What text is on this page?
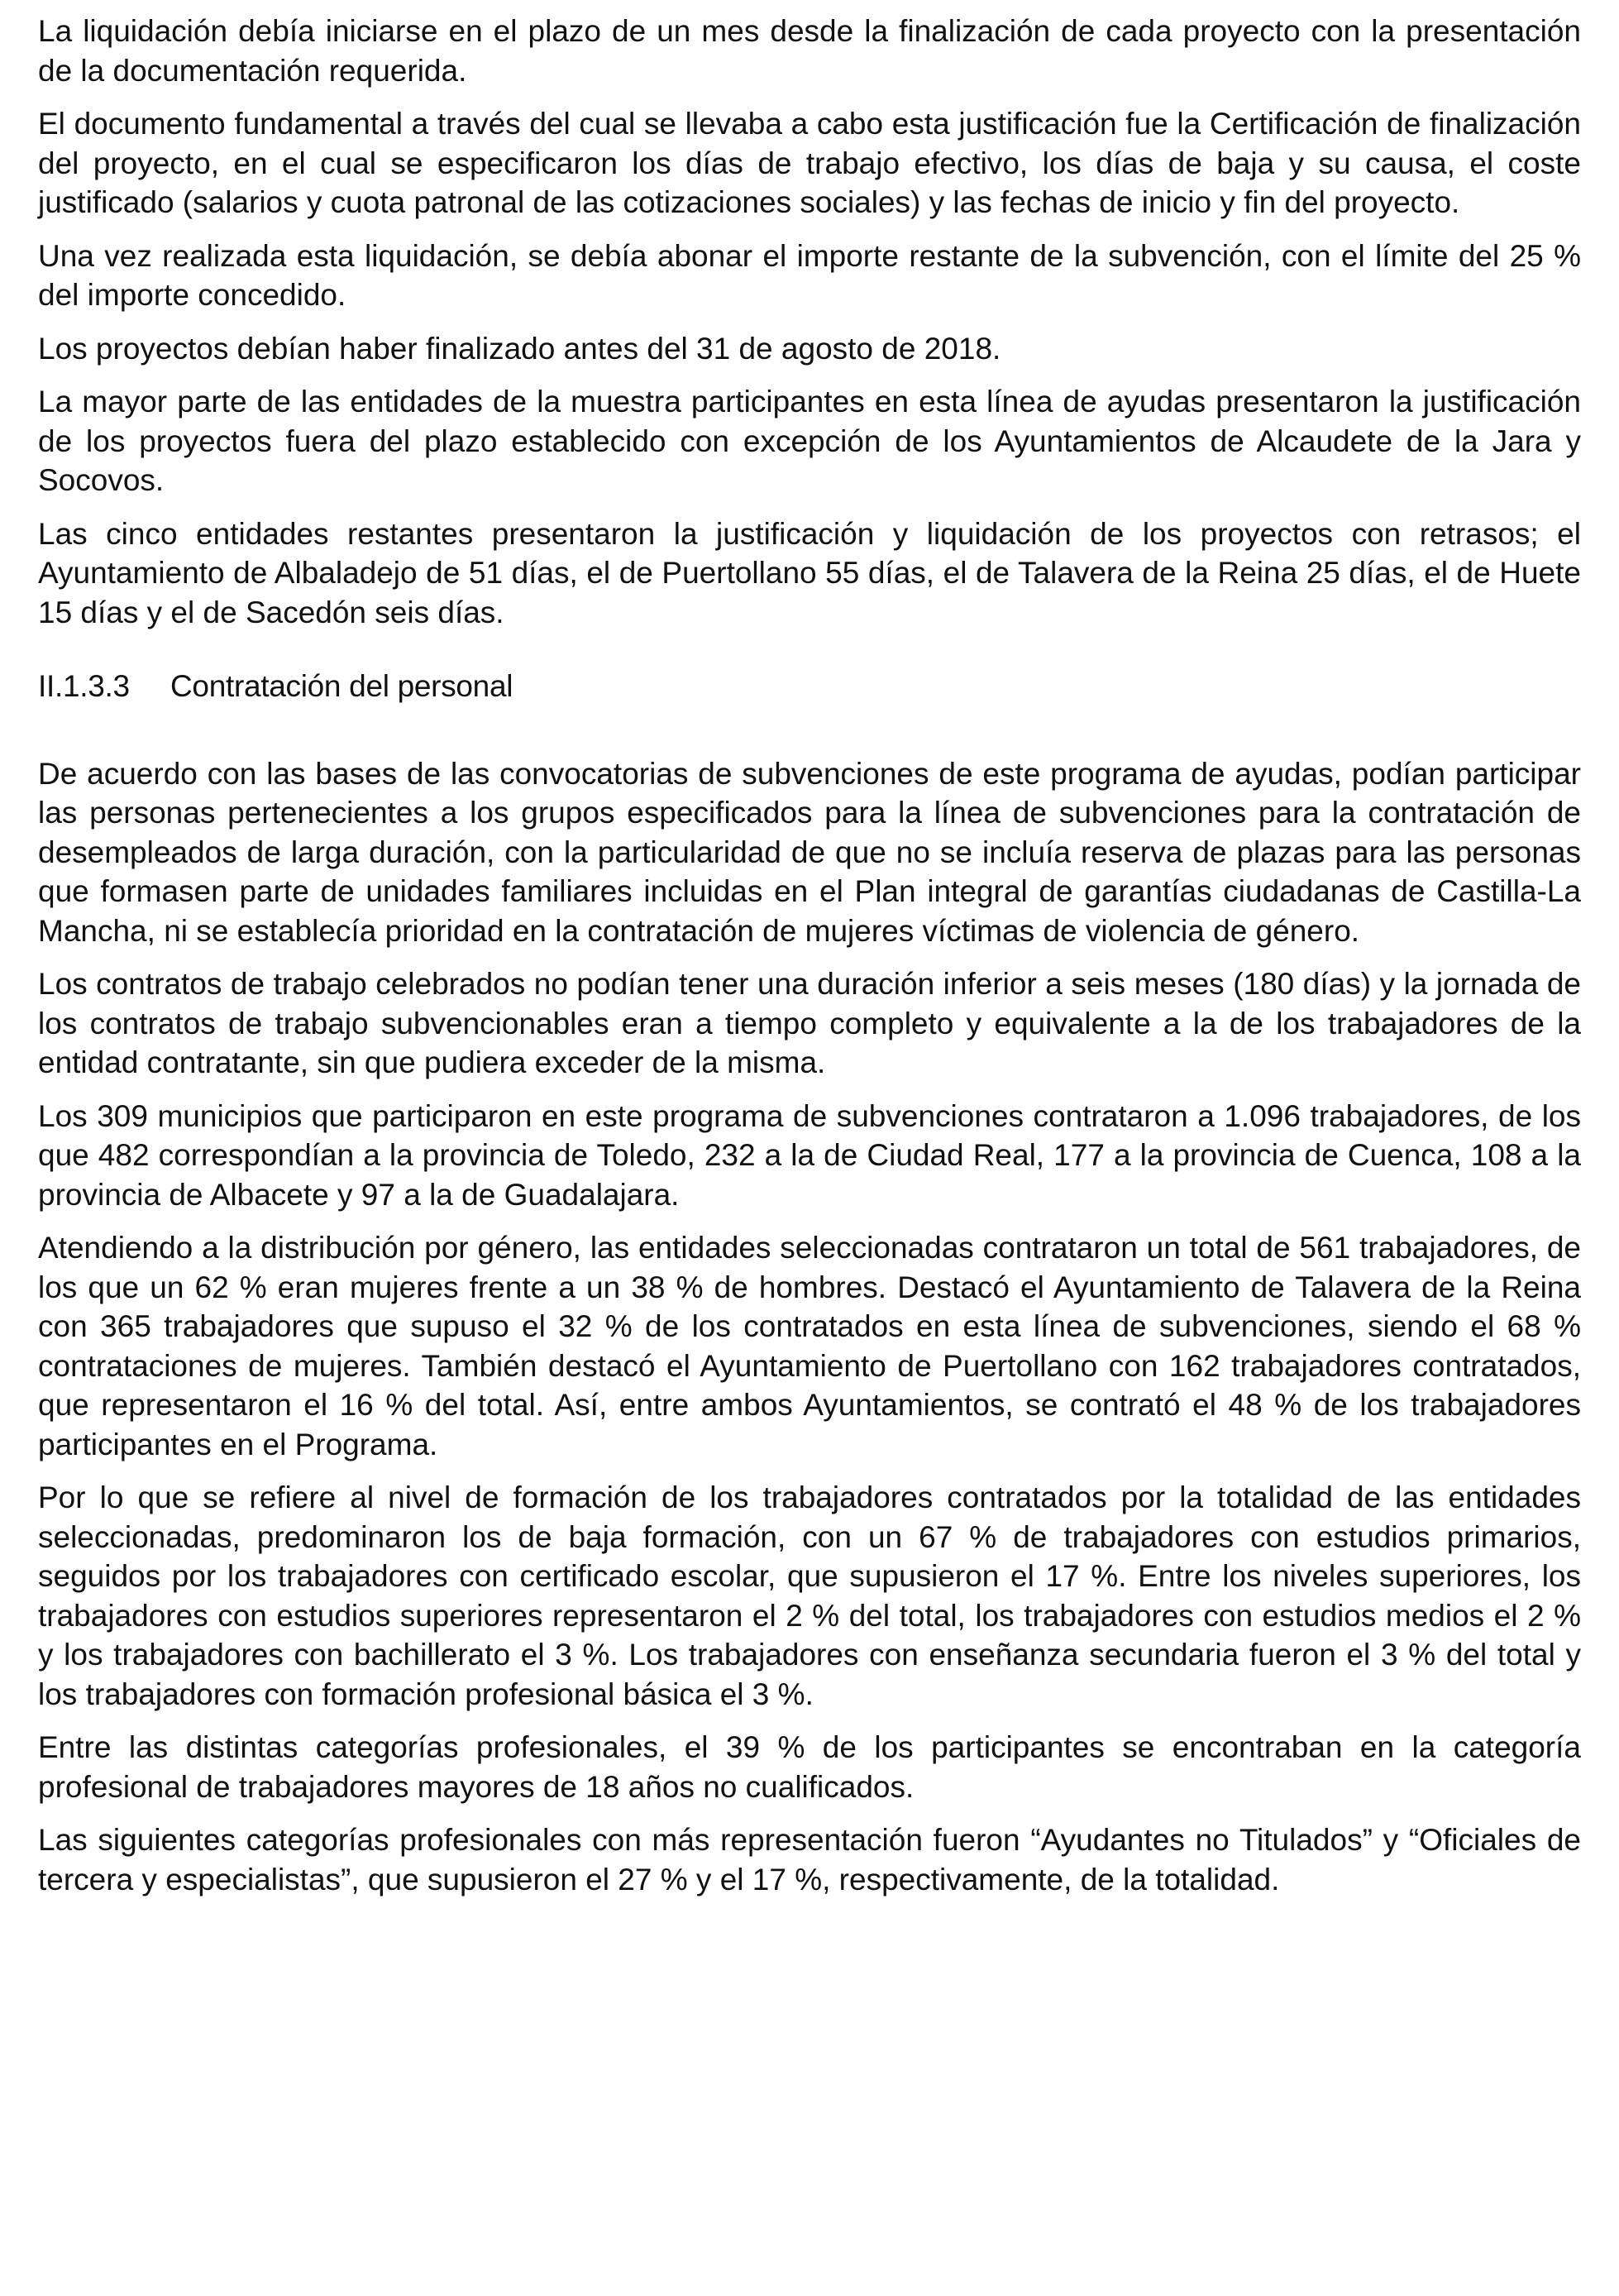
La liquidación debía iniciarse en el plazo de un mes desde la finalización de cada proyecto con la presentación de la documentación requerida.

El documento fundamental a través del cual se llevaba a cabo esta justificación fue la Certificación de finalización del proyecto, en el cual se especificaron los días de trabajo efectivo, los días de baja y su causa, el coste justificado (salarios y cuota patronal de las cotizaciones sociales) y las fechas de inicio y fin del proyecto.

Una vez realizada esta liquidación, se debía abonar el importe restante de la subvención, con el límite del 25 % del importe concedido.

Los proyectos debían haber finalizado antes del 31 de agosto de 2018.

La mayor parte de las entidades de la muestra participantes en esta línea de ayudas presentaron la justificación de los proyectos fuera del plazo establecido con excepción de los Ayuntamientos de Alcaudete de la Jara y Socovos.

Las cinco entidades restantes presentaron la justificación y liquidación de los proyectos con retrasos; el Ayuntamiento de Albaladejo de 51 días, el de Puertollano 55 días, el de Talavera de la Reina 25 días, el de Huete 15 días y el de Sacedón seis días.

II.1.3.3 Contratación del personal

De acuerdo con las bases de las convocatorias de subvenciones de este programa de ayudas, podían participar las personas pertenecientes a los grupos especificados para la línea de subvenciones para la contratación de desempleados de larga duración, con la particularidad de que no se incluía reserva de plazas para las personas que formasen parte de unidades familiares incluidas en el Plan integral de garantías ciudadanas de Castilla-La Mancha, ni se establecía prioridad en la contratación de mujeres víctimas de violencia de género.

Los contratos de trabajo celebrados no podían tener una duración inferior a seis meses (180 días) y la jornada de los contratos de trabajo subvencionables eran a tiempo completo y equivalente a la de los trabajadores de la entidad contratante, sin que pudiera exceder de la misma.

Los 309 municipios que participaron en este programa de subvenciones contrataron a 1.096 trabajadores, de los que 482 correspondían a la provincia de Toledo, 232 a la de Ciudad Real, 177 a la provincia de Cuenca, 108 a la provincia de Albacete y 97 a la de Guadalajara.

Atendiendo a la distribución por género, las entidades seleccionadas contrataron un total de 561 trabajadores, de los que un 62 % eran mujeres frente a un 38 % de hombres. Destacó el Ayuntamiento de Talavera de la Reina con 365 trabajadores que supuso el 32 % de los contratados en esta línea de subvenciones, siendo el 68 % contrataciones de mujeres. También destacó el Ayuntamiento de Puertollano con 162 trabajadores contratados, que representaron el 16 % del total. Así, entre ambos Ayuntamientos, se contrató el 48 % de los trabajadores participantes en el Programa.

Por lo que se refiere al nivel de formación de los trabajadores contratados por la totalidad de las entidades seleccionadas, predominaron los de baja formación, con un 67 % de trabajadores con estudios primarios, seguidos por los trabajadores con certificado escolar, que supusieron el 17 %. Entre los niveles superiores, los trabajadores con estudios superiores representaron el 2 % del total, los trabajadores con estudios medios el 2 % y los trabajadores con bachillerato el 3 %. Los trabajadores con enseñanza secundaria fueron el 3 % del total y los trabajadores con formación profesional básica el 3 %.

Entre las distintas categorías profesionales, el 39 % de los participantes se encontraban en la categoría profesional de trabajadores mayores de 18 años no cualificados.

Las siguientes categorías profesionales con más representación fueron “Ayudantes no Titulados” y “Oficiales de tercera y especialistas”, que supusieron el 27 % y el 17 %, respectivamente, de la totalidad.
